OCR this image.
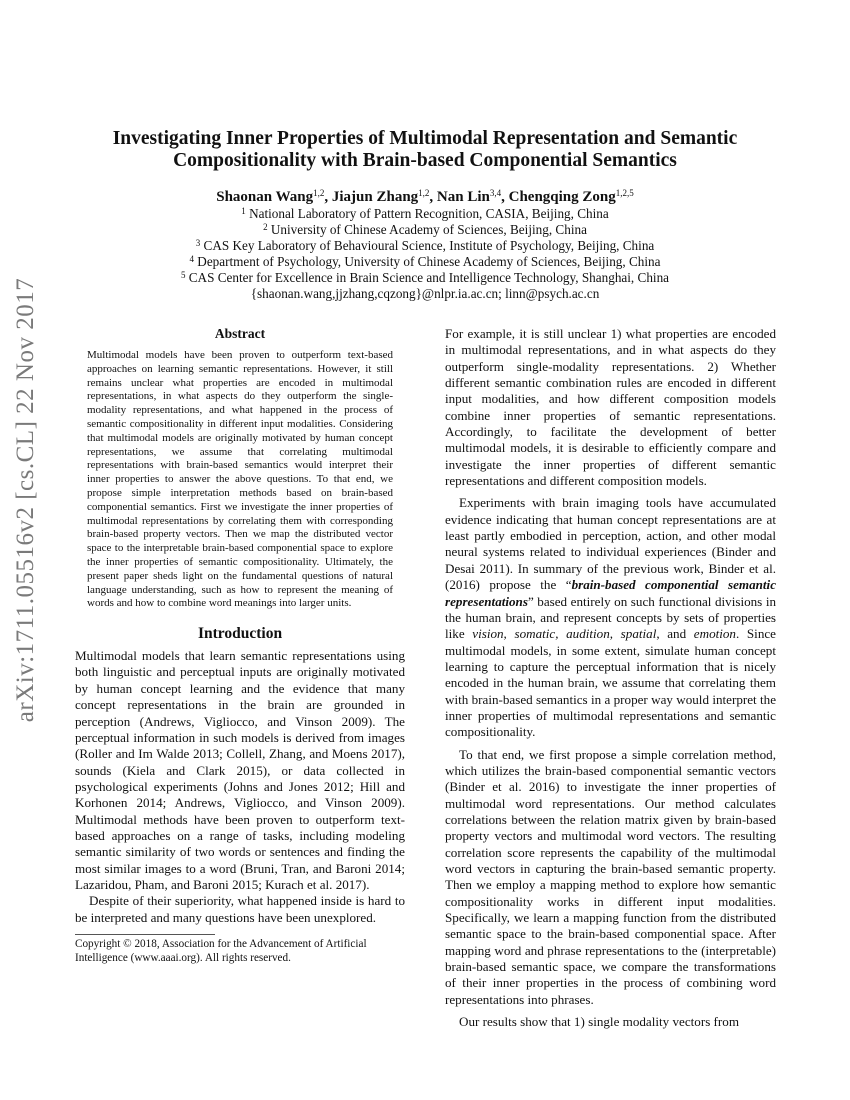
arXiv:1711.05516v2 [cs.CL] 22 Nov 2017

Investigating Inner Properties of Multimodal Representation and Semantic
Compositionality with Brain-based Componential Semantics

Shaonan Wang$^{1,2}$, Jiajun Zhang$^{1,2}$, Nan Lin$^{3,4}$, Chengqing Zong$^{1,2,5}$
$^1$ National Laboratory of Pattern Recognition, CASIA, Beijing, China
$^2$ University of Chinese Academy of Sciences, Beijing, China
$^3$ CAS Key Laboratory of Behavioural Science, Institute of Psychology, Beijing, China
$^4$ Department of Psychology, University of Chinese Academy of Sciences, Beijing, China
$^5$ CAS Center for Excellence in Brain Science and Intelligence Technology, Shanghai, China
{shaonan.wang,jjzhang,cqzong}@nlpr.ia.ac.cn; linn@psych.ac.cn
Abstract

Multimodal models have been proven to outperform text-based approaches on learning semantic representations. However, it still remains unclear what properties are encoded in multimodal representations, in what aspects do they outperform the single-modality representations, and what happened in the process of semantic compositionality in different input modalities. Considering that multimodal models are originally motivated by human concept representations, we assume that correlating multimodal representations with brain-based semantics would interpret their inner properties to answer the above questions. To that end, we propose simple interpretation methods based on brain-based componential semantics. First we investigate the inner properties of multimodal representations by correlating them with corresponding brain-based property vectors. Then we map the distributed vector space to the interpretable brain-based componential space to explore the inner properties of semantic compositionality. Ultimately, the present paper sheds light on the fundamental questions of natural language understanding, such as how to represent the meaning of words and how to combine word meanings into larger units.

Introduction

Multimodal models that learn semantic representations using both linguistic and perceptual inputs are originally motivated by human concept learning and the evidence that many concept representations in the brain are grounded in perception (Andrews, Vigliocco, and Vinson 2009). The perceptual information in such models is derived from images (Roller and Im Walde 2013; Collell, Zhang, and Moens 2017), sounds (Kiela and Clark 2015), or data collected in psychological experiments (Johns and Jones 2012; Hill and Korhonen 2014; Andrews, Vigliocco, and Vinson 2009). Multimodal methods have been proven to outperform text-based approaches on a range of tasks, including modeling semantic similarity of two words or sentences and finding the most similar images to a word (Bruni, Tran, and Baroni 2014; Lazaridou, Pham, and Baroni 2015; Kurach et al. 2017).

Despite of their superiority, what happened inside is hard to be interpreted and many questions have been unexplored.

Copyright © 2018, Association for the Advancement of Artificial
Intelligence (www.aaai.org). All rights reserved.

For example, it is still unclear 1) what properties are encoded in multimodal representations, and in what aspects do they outperform single-modality representations. 2) Whether different semantic combination rules are encoded in different input modalities, and how different composition models combine inner properties of semantic representations. Accordingly, to facilitate the development of better multimodal models, it is desirable to efficiently compare and investigate the inner properties of different semantic representations and different composition models.

Experiments with brain imaging tools have accumulated evidence indicating that human concept representations are at least partly embodied in perception, action, and other modal neural systems related to individual experiences (Binder and Desai 2011). In summary of the previous work, Binder et al. (2016) propose the “brain-based componential semantic representations” based entirely on such functional divisions in the human brain, and represent concepts by sets of properties like vision, somatic, audition, spatial, and emotion. Since multimodal models, in some extent, simulate human concept learning to capture the perceptual information that is nicely encoded in the human brain, we assume that correlating them with brain-based semantics in a proper way would interpret the inner properties of multimodal representations and semantic compositionality.

To that end, we first propose a simple correlation method, which utilizes the brain-based componential semantic vectors (Binder et al. 2016) to investigate the inner properties of multimodal word representations. Our method calculates correlations between the relation matrix given by brain-based property vectors and multimodal word vectors. The resulting correlation score represents the capability of the multimodal word vectors in capturing the brain-based semantic property. Then we employ a mapping method to explore how semantic compositionality works in different input modalities. Specifically, we learn a mapping function from the distributed semantic space to the brain-based componential space. After mapping word and phrase representations to the (interpretable) brain-based semantic space, we compare the transformations of their inner properties in the process of combining word representations into phrases.

Our results show that 1) single modality vectors from
